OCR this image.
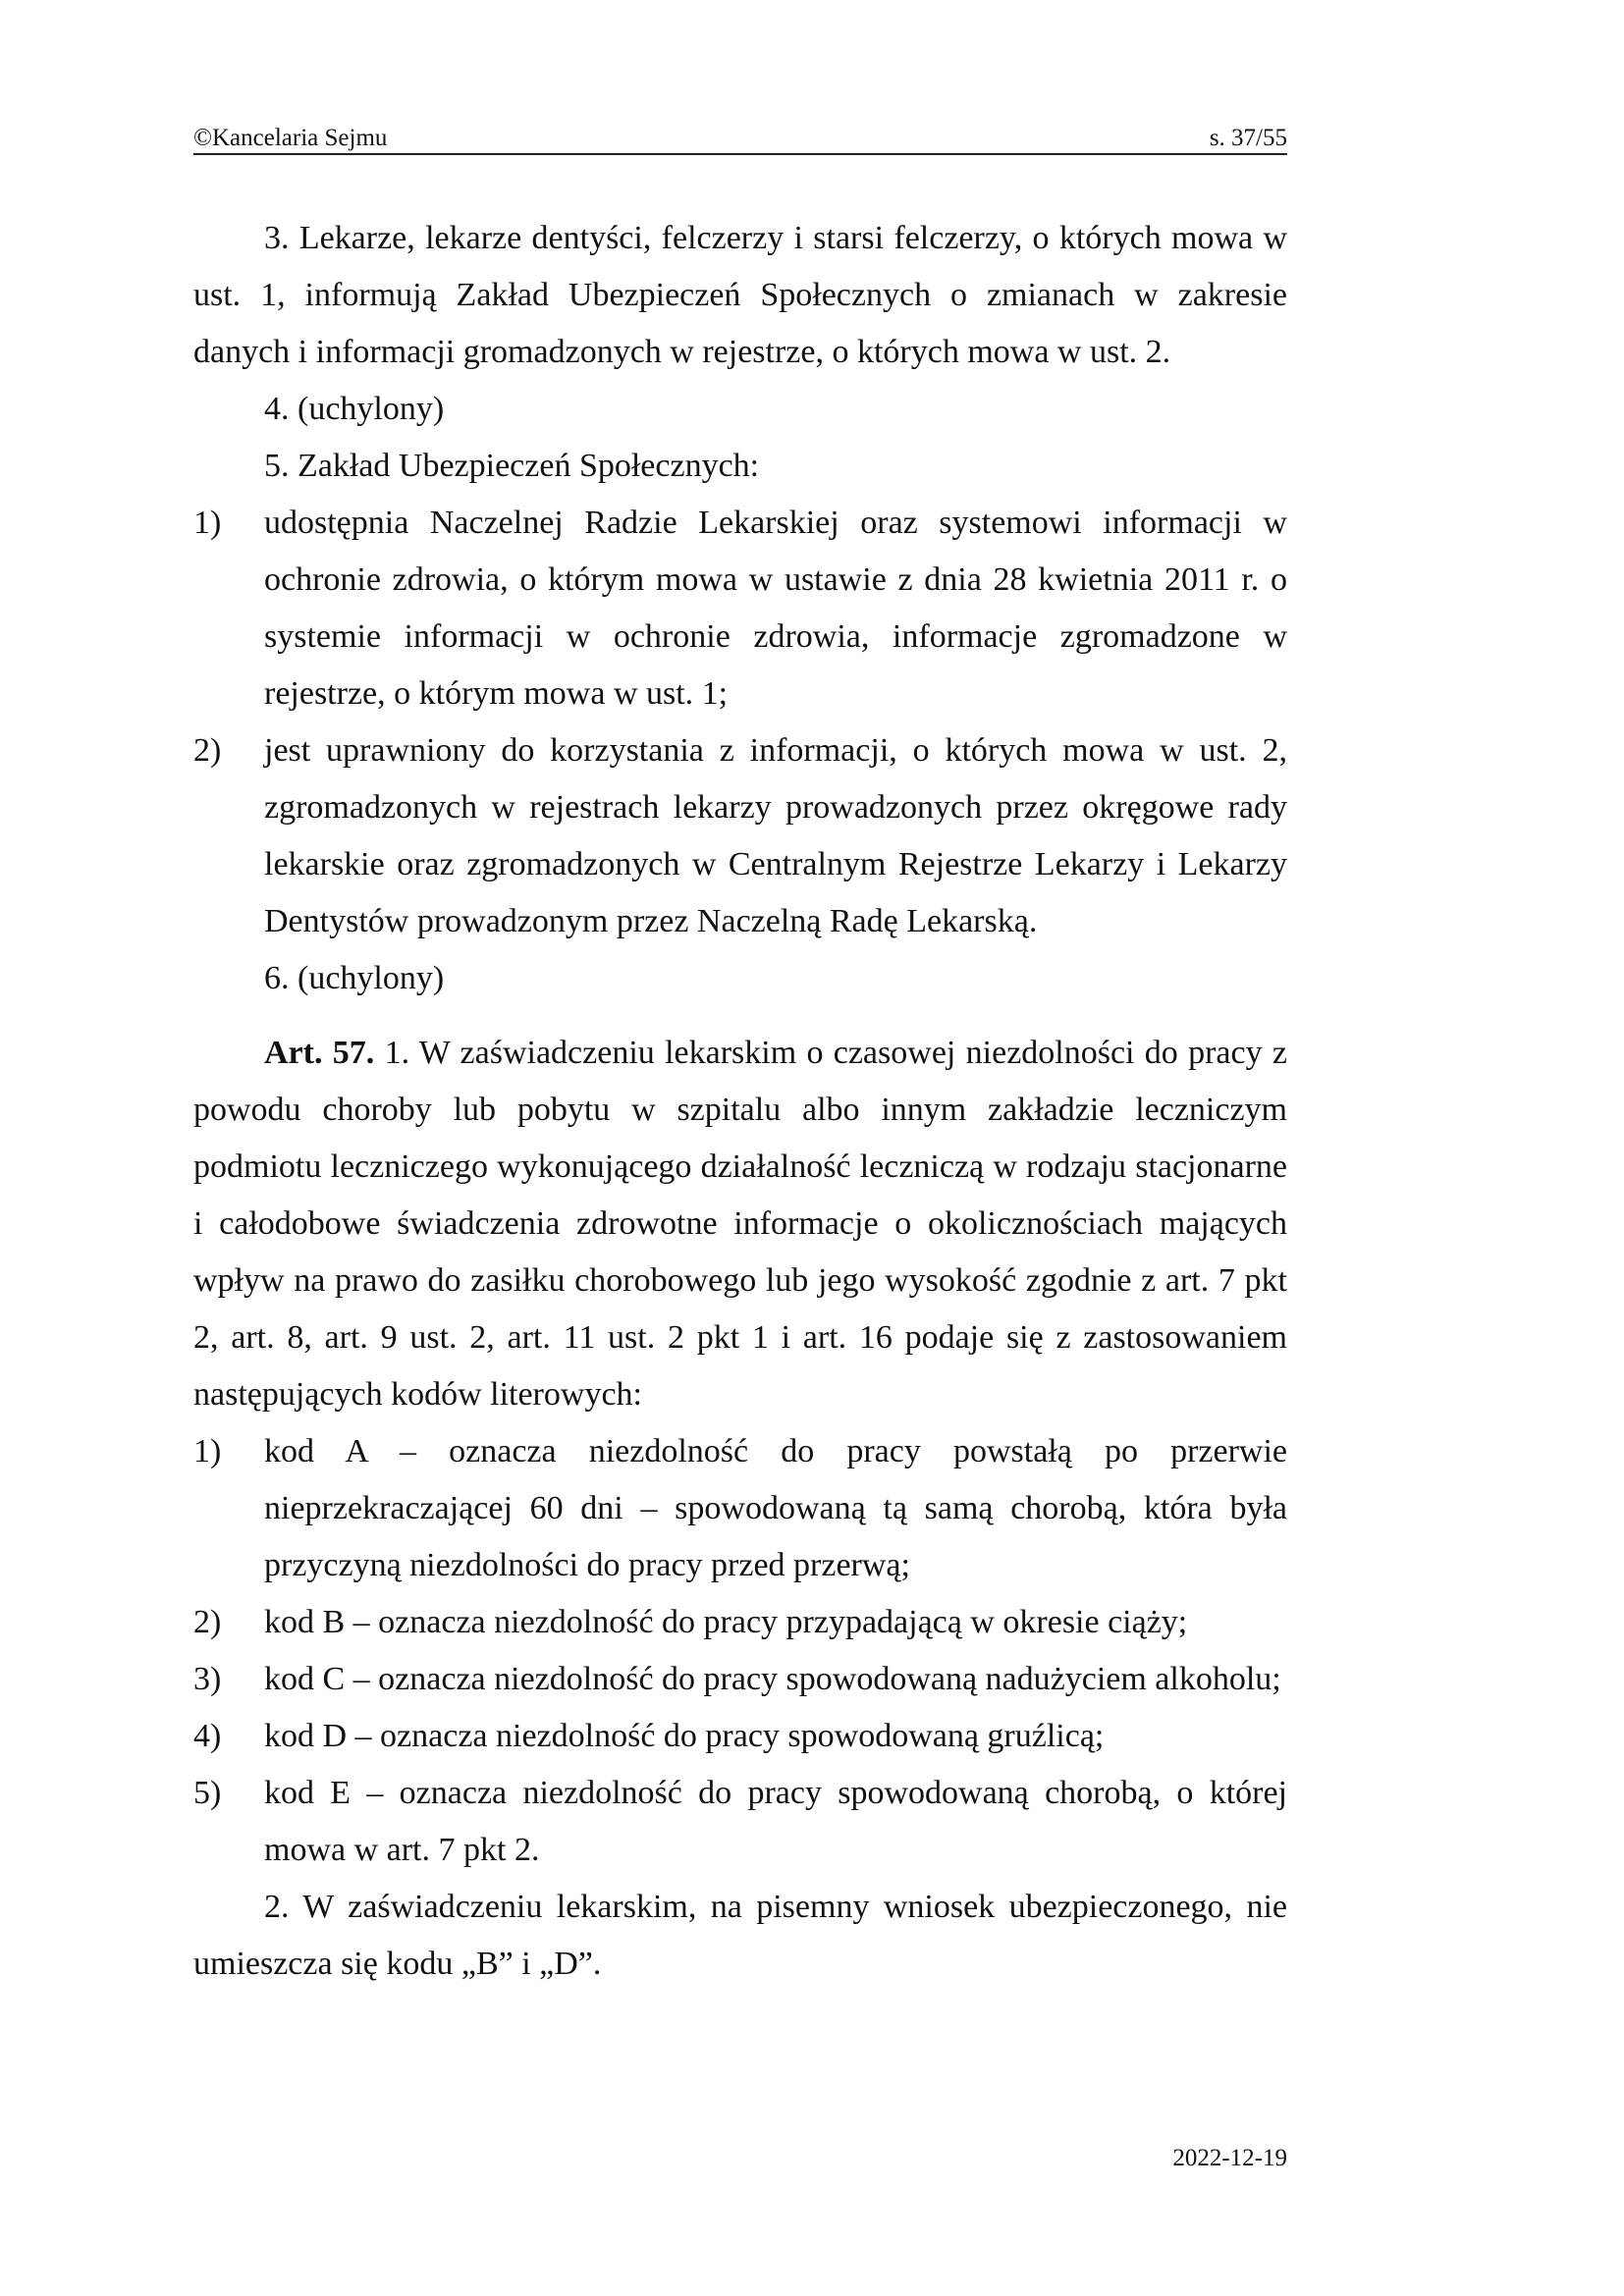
©Kancelaria Sejmu	s. 37/55

3. Lekarze, lekarze dentyści, felczerzy i starsi felczerzy, o których mowa w ust. 1, informują Zakład Ubezpieczeń Społecznych o zmianach w zakresie danych i informacji gromadzonych w rejestrze, o których mowa w ust. 2.

4. (uchylony)

5. Zakład Ubezpieczeń Społecznych:

1) udostępnia Naczelnej Radzie Lekarskiej oraz systemowi informacji w ochronie zdrowia, o którym mowa w ustawie z dnia 28 kwietnia 2011 r. o systemie informacji w ochronie zdrowia, informacje zgromadzone w rejestrze, o którym mowa w ust. 1;
2) jest uprawniony do korzystania z informacji, o których mowa w ust. 2, zgromadzonych w rejestrach lekarzy prowadzonych przez okręgowe rady lekarskie oraz zgromadzonych w Centralnym Rejestrze Lekarzy i Lekarzy Dentystów prowadzonym przez Naczelną Radę Lekarską.

6. (uchylony)

Art. 57. 1. W zaświadczeniu lekarskim o czasowej niezdolności do pracy z powodu choroby lub pobytu w szpitalu albo innym zakładzie leczniczym podmiotu leczniczego wykonującego działalność leczniczą w rodzaju stacjonarne i całodobowe świadczenia zdrowotne informacje o okolicznościach mających wpływ na prawo do zasiłku chorobowego lub jego wysokość zgodnie z art. 7 pkt 2, art. 8, art. 9 ust. 2, art. 11 ust. 2 pkt 1 i art. 16 podaje się z zastosowaniem następujących kodów literowych:

1) kod A – oznacza niezdolność do pracy powstałą po przerwie nieprzekraczającej 60 dni – spowodowaną tą samą chorobą, która była przyczyną niezdolności do pracy przed przerwą;
2) kod B – oznacza niezdolność do pracy przypadającą w okresie ciąży;
3) kod C – oznacza niezdolność do pracy spowodowaną nadużyciem alkoholu;
4) kod D – oznacza niezdolność do pracy spowodowaną gruźlicą;
5) kod E – oznacza niezdolność do pracy spowodowaną chorobą, o której mowa w art. 7 pkt 2.

2. W zaświadczeniu lekarskim, na pisemny wniosek ubezpieczonego, nie umieszcza się kodu „B” i „D”.

2022-12-19
